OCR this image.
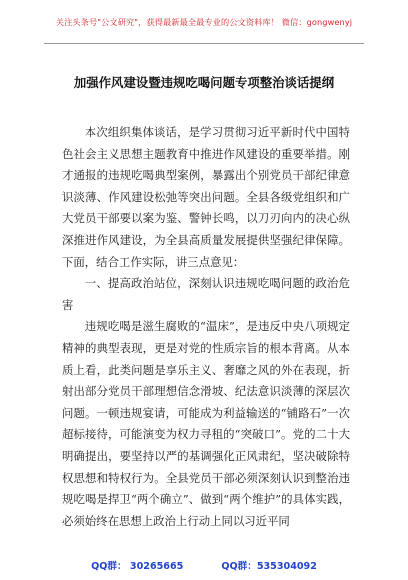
关注头条号"公文研究"，获得最新最全最专业的公文资料库！ 微信：gongwenyj
加强作风建设暨违规吃喝问题专项整治谈话提纲

本次组织集体谈话，是学习贯彻习近平新时代中国特色社会主义思想主题教育中推进作风建设的重要举措。刚才通报的违规吃喝典型案例，暴露出个别党员干部纪律意识淡薄、作风建设松弛等突出问题。全县各级党组织和广大党员干部要以案为鉴、警钟长鸣，以刀刃向内的决心纵深推进作风建设，为全县高质量发展提供坚强纪律保障。下面，结合工作实际，讲三点意见：

一、提高政治站位，深刻认识违规吃喝问题的政治危害

违规吃喝是滋生腐败的“温床”，是违反中央八项规定精神的典型表现，更是对党的性质宗旨的根本背离。从本质上看，此类问题是享乐主义、奢靡之风的外在表现，折射出部分党员干部理想信念滑坡、纪法意识淡薄的深层次问题。一顿违规宴请，可能成为利益输送的“铺路石”一次超标接待，可能演变为权力寻租的“突破口”。党的二十大明确提出，要坚持以严的基调强化正风肃纪，坚决破除特权思想和特权行为。全县党员干部必须深刻认识到整治违规吃喝是捍卫“两个确立”、做到“两个维护”的具体实践，必须始终在思想上政治上行动上同以习近平同

QQ群： 30265665	QQ群：535304092
